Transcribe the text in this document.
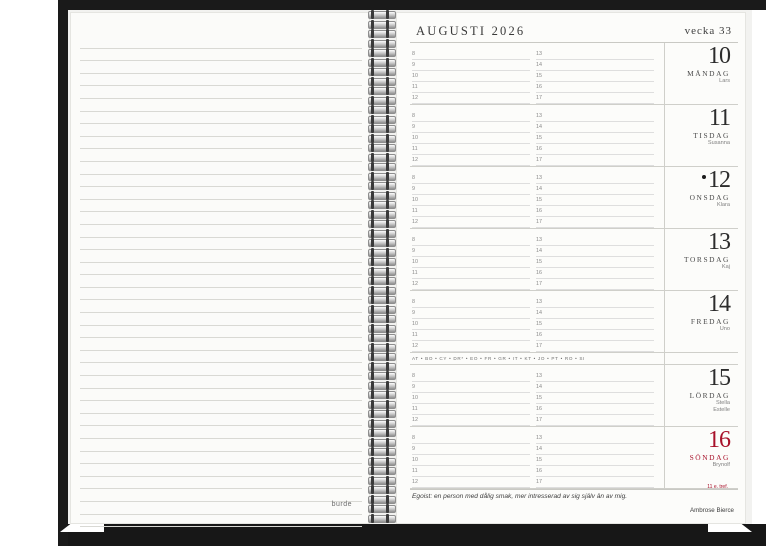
burde
AUGUSTI 2026	vecka 33
8
9
10
11
12
13
14
15
16
17
10
MÅNDAG
Lars
8
9
10
11
12
13
14
15
16
17
11
TISDAG
Susanna
8
9
10
11
12
13
14
15
16
17
12
ONSDAG
Klara
8
9
10
11
12
13
14
15
16
17
13
TORSDAG
Kaj
8
9
10
11
12
13
14
15
16
17
14
FREDAG
Uno
AT • BO • CY • DR* • EO • FR • GR • IT • KT • JO • PT • RO • SI
8
9
10
11
12
13
14
15
16
17
15
LÖRDAG
Stella
Estelle
8
9
10
11
12
13
14
15
16
17
16
SÖNDAG
Brynolf
11 e. tref.
Egoist: en person med dålig smak, mer intresserad av sig själv än av mig.
Ambrose Bierce
